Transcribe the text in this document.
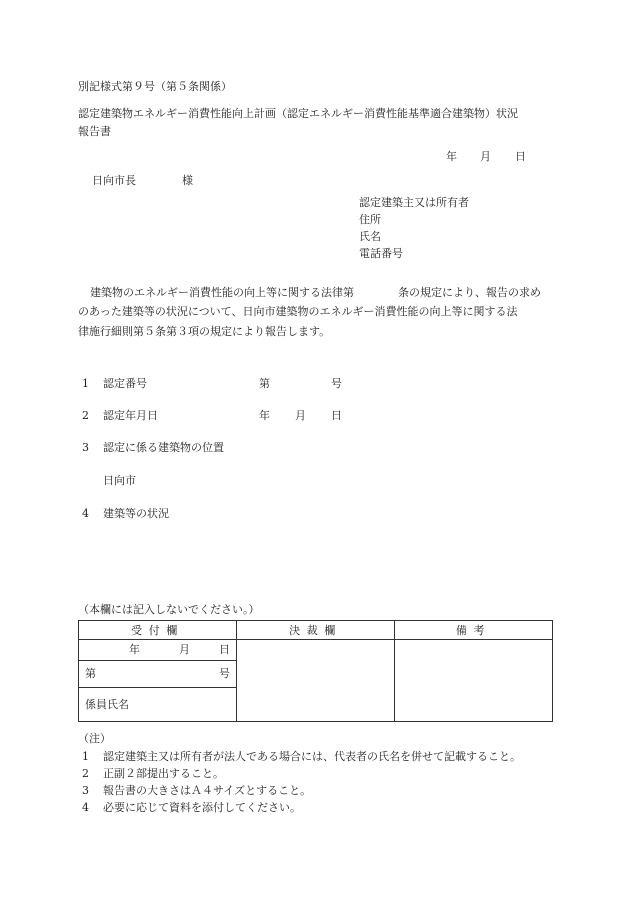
別記様式第９号（第５条関係）
認定建築物エネルギー消費性能向上計画（認定エネルギー消費性能基準適合建築物）状況
報告書
年 月 日
日向市長	様
認定建築主又は所有者
住所
氏名
電話番号
建築物のエネルギー消費性能の向上等に関する法律第	条の規定により、報告の求め
のあった建築等の状況について、日向市建築物のエネルギー消費性能の向上等に関する法
律施行細則第５条第３項の規定により報告します。
1 認定番号	第	号
2 認定年月日	年 月 日
3 認定に係る建築物の位置
日向市
4 建築等の状況
（本欄には記入しないでください。）
受付欄	決裁欄	備考

年 月 日		

第 号		

係員氏名		
（注）
1 認定建築主又は所有者が法人である場合には、代表者の氏名を併せて記載すること。
2 正副２部提出すること。
3 報告書の大きさはＡ４サイズとすること。
4 必要に応じて資料を添付してください。
